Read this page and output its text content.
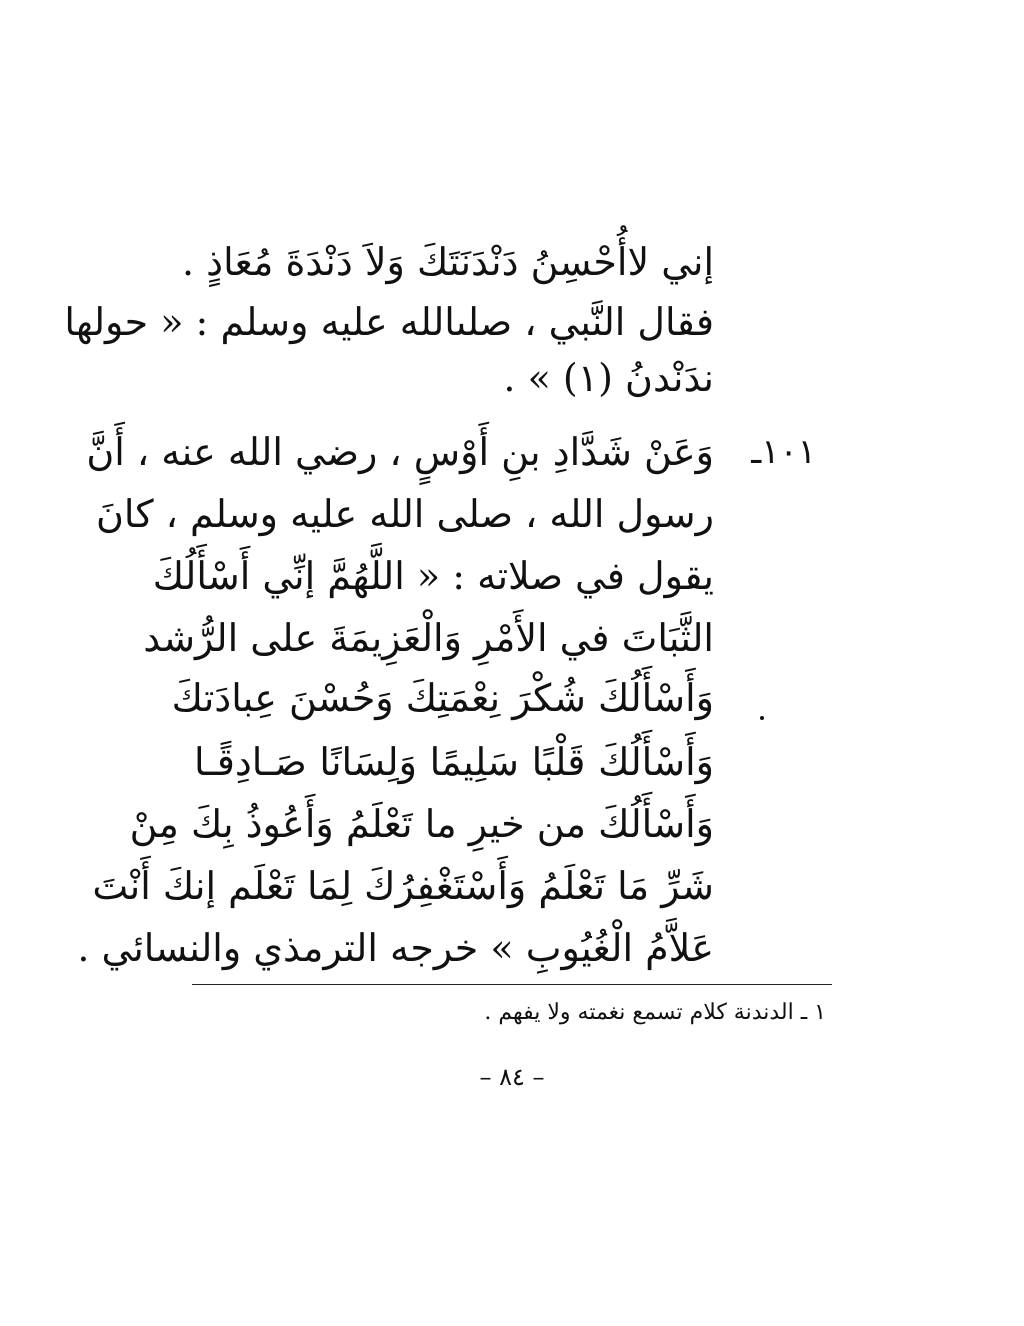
إني لاأُحْسِنُ دَنْدَنَتَكَ وَلاَ دَنْدَةَ مُعَاذٍ .
فقال النَّبي ، صلىالله عليه وسلم : « حولها
ندَنْدنُ (١) » .
١٠١ـ
وَعَنْ شَدَّادِ بنِ أَوْسٍ ، رضي الله عنه ، أَنَّ
رسول الله ، صلى الله عليه وسلم ، كانَ
يقول في صلاته : « اللَّهُمَّ إنِّي أَسْأَلُكَ
الثَّبَاتَ في الأَمْرِ وَالْعَزِيمَةَ على الرُّشد
وَأَسْأَلُكَ شُكْرَ نِعْمَتِكَ وَحُسْنَ عِبادَتكَ
وَأَسْأَلُكَ قَلْبًا سَلِيمًا وَلِسَانًا صَـادِقًـا
وَأَسْأَلُكَ من خيرِ ما تَعْلَمُ وَأَعُوذُ بِكَ مِنْ
شَرِّ مَا تَعْلَمُ وَأَسْتَغْفِرُكَ لِمَا تَعْلَم إنكَ أَنْتَ
عَلاَّمُ الْغُيُوبِ » خرجه الترمذي والنسائي .
١ ـ الدندنة كلام تسمع نغمته ولا يفهم .
– ٨٤ –
